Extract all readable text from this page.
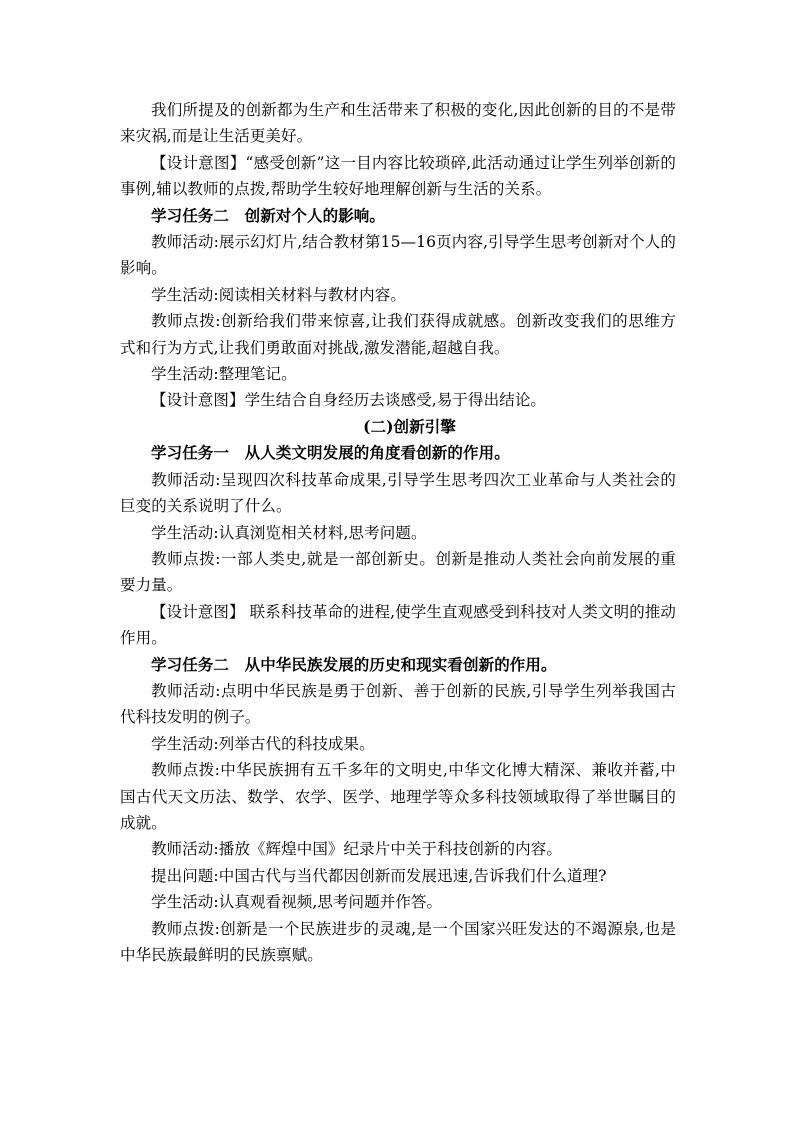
我们所提及的创新都为生产和生活带来了积极的变化,因此创新的目的不是带来灾祸,而是让生活更美好。

【设计意图】“感受创新”这一目内容比较琐碎,此活动通过让学生列举创新的事例,辅以教师的点拨,帮助学生较好地理解创新与生活的关系。

学习任务二　创新对个人的影响。

教师活动:展示幻灯片,结合教材第15—16页内容,引导学生思考创新对个人的影响。

学生活动:阅读相关材料与教材内容。

教师点拨:创新给我们带来惊喜,让我们获得成就感。创新改变我们的思维方式和行为方式,让我们勇敢面对挑战,激发潜能,超越自我。

学生活动:整理笔记。

【设计意图】学生结合自身经历去谈感受,易于得出结论。

(二)创新引擎

学习任务一　从人类文明发展的角度看创新的作用。

教师活动:呈现四次科技革命成果,引导学生思考四次工业革命与人类社会的巨变的关系说明了什么。

学生活动:认真浏览相关材料,思考问题。

教师点拨:一部人类史,就是一部创新史。创新是推动人类社会向前发展的重要力量。

【设计意图】 联系科技革命的进程,使学生直观感受到科技对人类文明的推动作用。

学习任务二　从中华民族发展的历史和现实看创新的作用。

教师活动:点明中华民族是勇于创新、善于创新的民族,引导学生列举我国古代科技发明的例子。

学生活动:列举古代的科技成果。

教师点拨:中华民族拥有五千多年的文明史,中华文化博大精深、兼收并蓄,中国古代天文历法、数学、农学、医学、地理学等众多科技领域取得了举世瞩目的成就。

教师活动:播放《辉煌中国》纪录片中关于科技创新的内容。

提出问题:中国古代与当代都因创新而发展迅速,告诉我们什么道理?

学生活动:认真观看视频,思考问题并作答。

教师点拨:创新是一个民族进步的灵魂,是一个国家兴旺发达的不竭源泉,也是中华民族最鲜明的民族禀赋。
